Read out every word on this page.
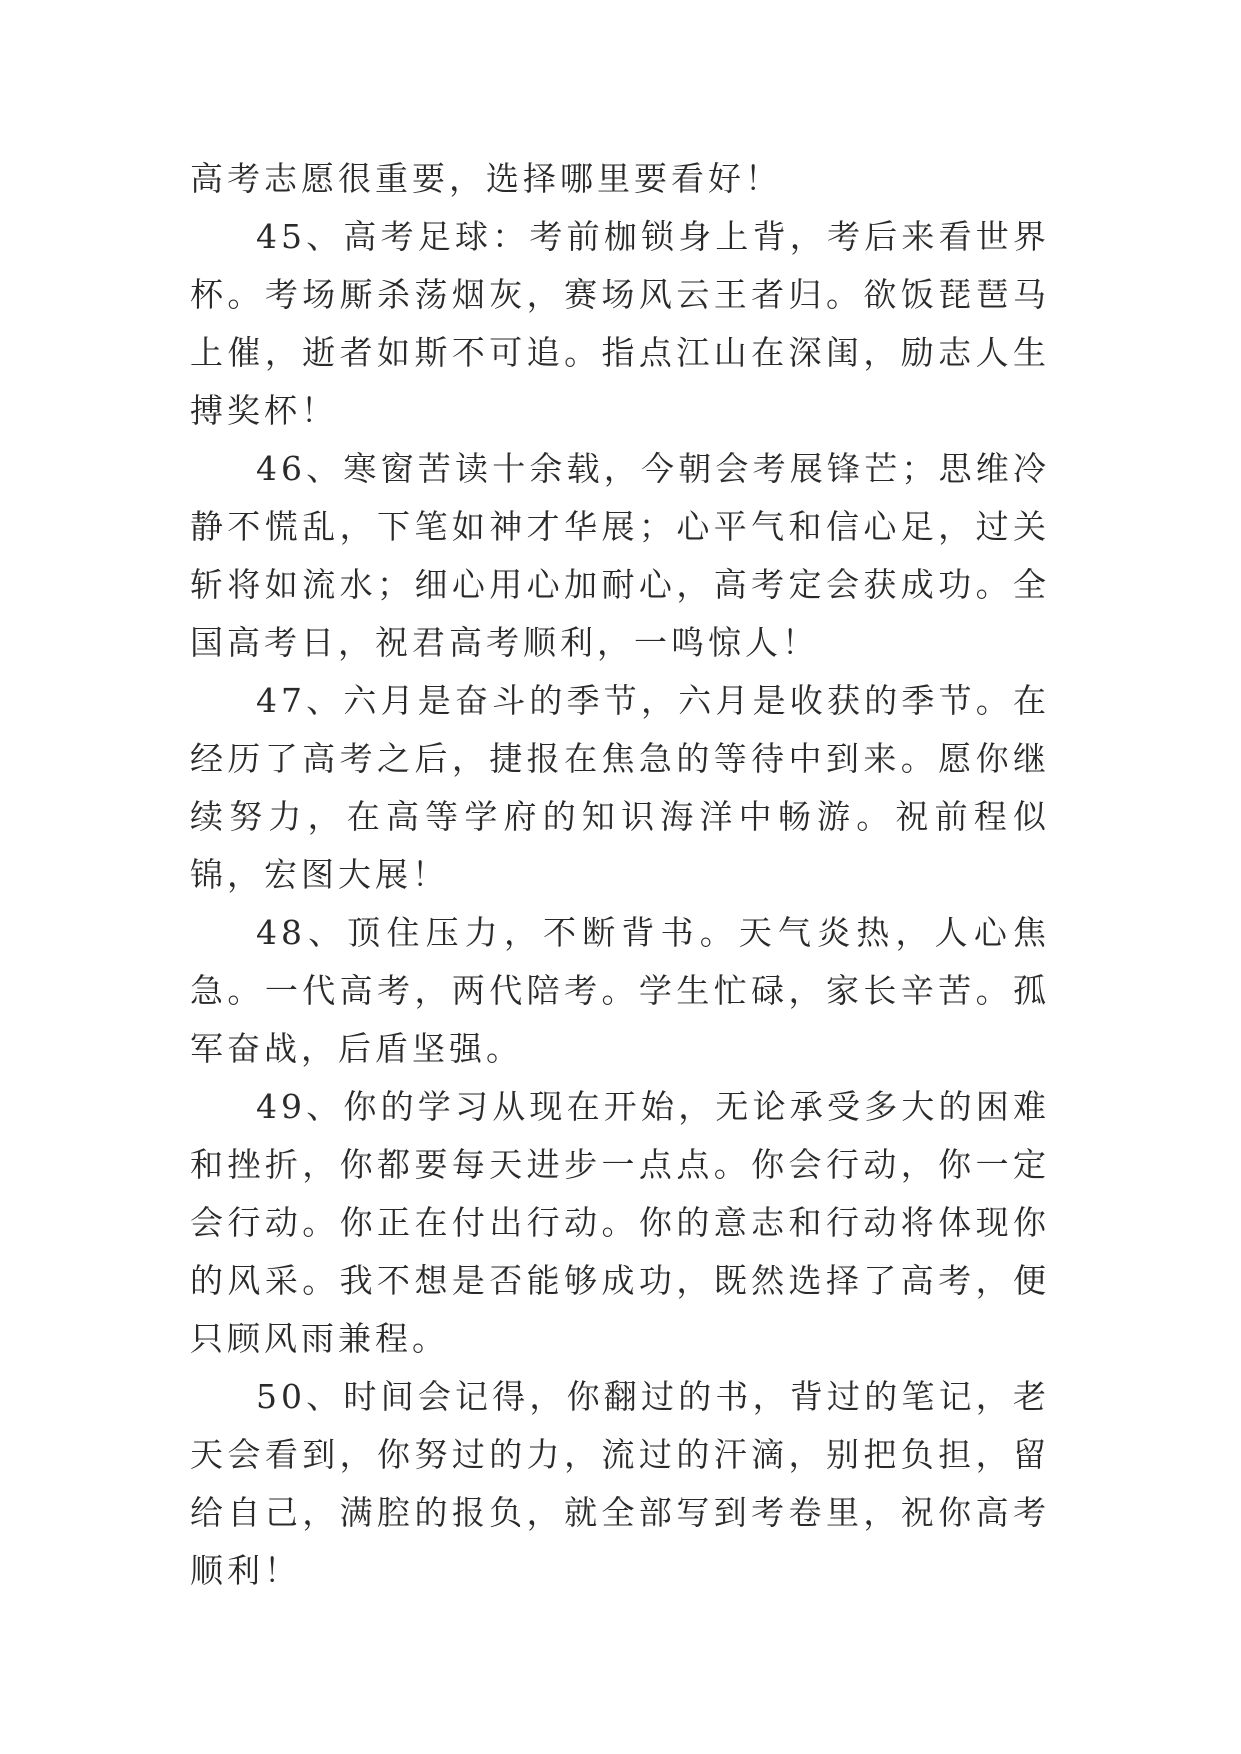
高考志愿很重要，选择哪里要看好！

45、高考足球：考前枷锁身上背，考后来看世界杯。考场厮杀荡烟灰，赛场风云王者归。欲饭琵琶马上催，逝者如斯不可追。指点江山在深闺，励志人生搏奖杯！

46、寒窗苦读十余载，今朝会考展锋芒；思维冷静不慌乱，下笔如神才华展；心平气和信心足，过关斩将如流水；细心用心加耐心，高考定会获成功。全国高考日，祝君高考顺利，一鸣惊人！

47、六月是奋斗的季节，六月是收获的季节。在经历了高考之后，捷报在焦急的等待中到来。愿你继续努力，在高等学府的知识海洋中畅游。祝前程似锦，宏图大展！

48、顶住压力，不断背书。天气炎热，人心焦急。一代高考，两代陪考。学生忙碌，家长辛苦。孤军奋战，后盾坚强。

49、你的学习从现在开始，无论承受多大的困难和挫折，你都要每天进步一点点。你会行动，你一定会行动。你正在付出行动。你的意志和行动将体现你的风采。我不想是否能够成功，既然选择了高考，便只顾风雨兼程。

50、时间会记得，你翻过的书，背过的笔记，老天会看到，你努过的力，流过的汗滴，别把负担，留给自己，满腔的报负，就全部写到考卷里，祝你高考顺利！
